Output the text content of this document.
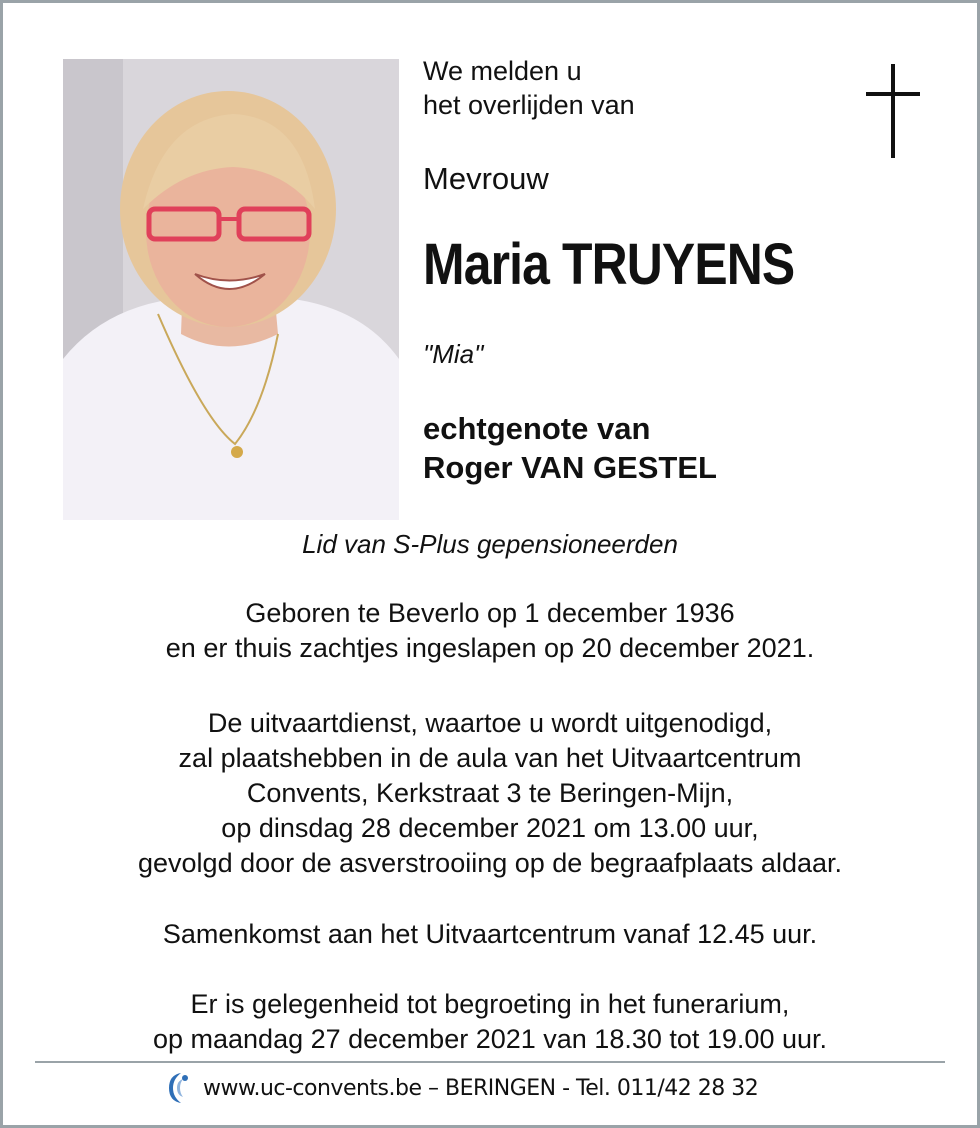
We melden u
het overlijden van
Mevrouw
Maria TRUYENS
"Mia"
echtgenote van
Roger VAN GESTEL
Lid van S-Plus gepensioneerden
Geboren te Beverlo op 1 december 1936
en er thuis zachtjes ingeslapen op 20 december 2021.
De uitvaartdienst, waartoe u wordt uitgenodigd,
zal plaatshebben in de aula van het Uitvaartcentrum
Convents, Kerkstraat 3 te Beringen-Mijn,
op dinsdag 28 december 2021 om 13.00 uur,
gevolgd door de asverstrooiing op de begraafplaats aldaar.
Samenkomst aan het Uitvaartcentrum vanaf 12.45 uur.
Er is gelegenheid tot begroeting in het funerarium,
op maandag 27 december 2021 van 18.30 tot 19.00 uur.
www.uc-convents.be – BERINGEN - Tel. 011/42 28 32
